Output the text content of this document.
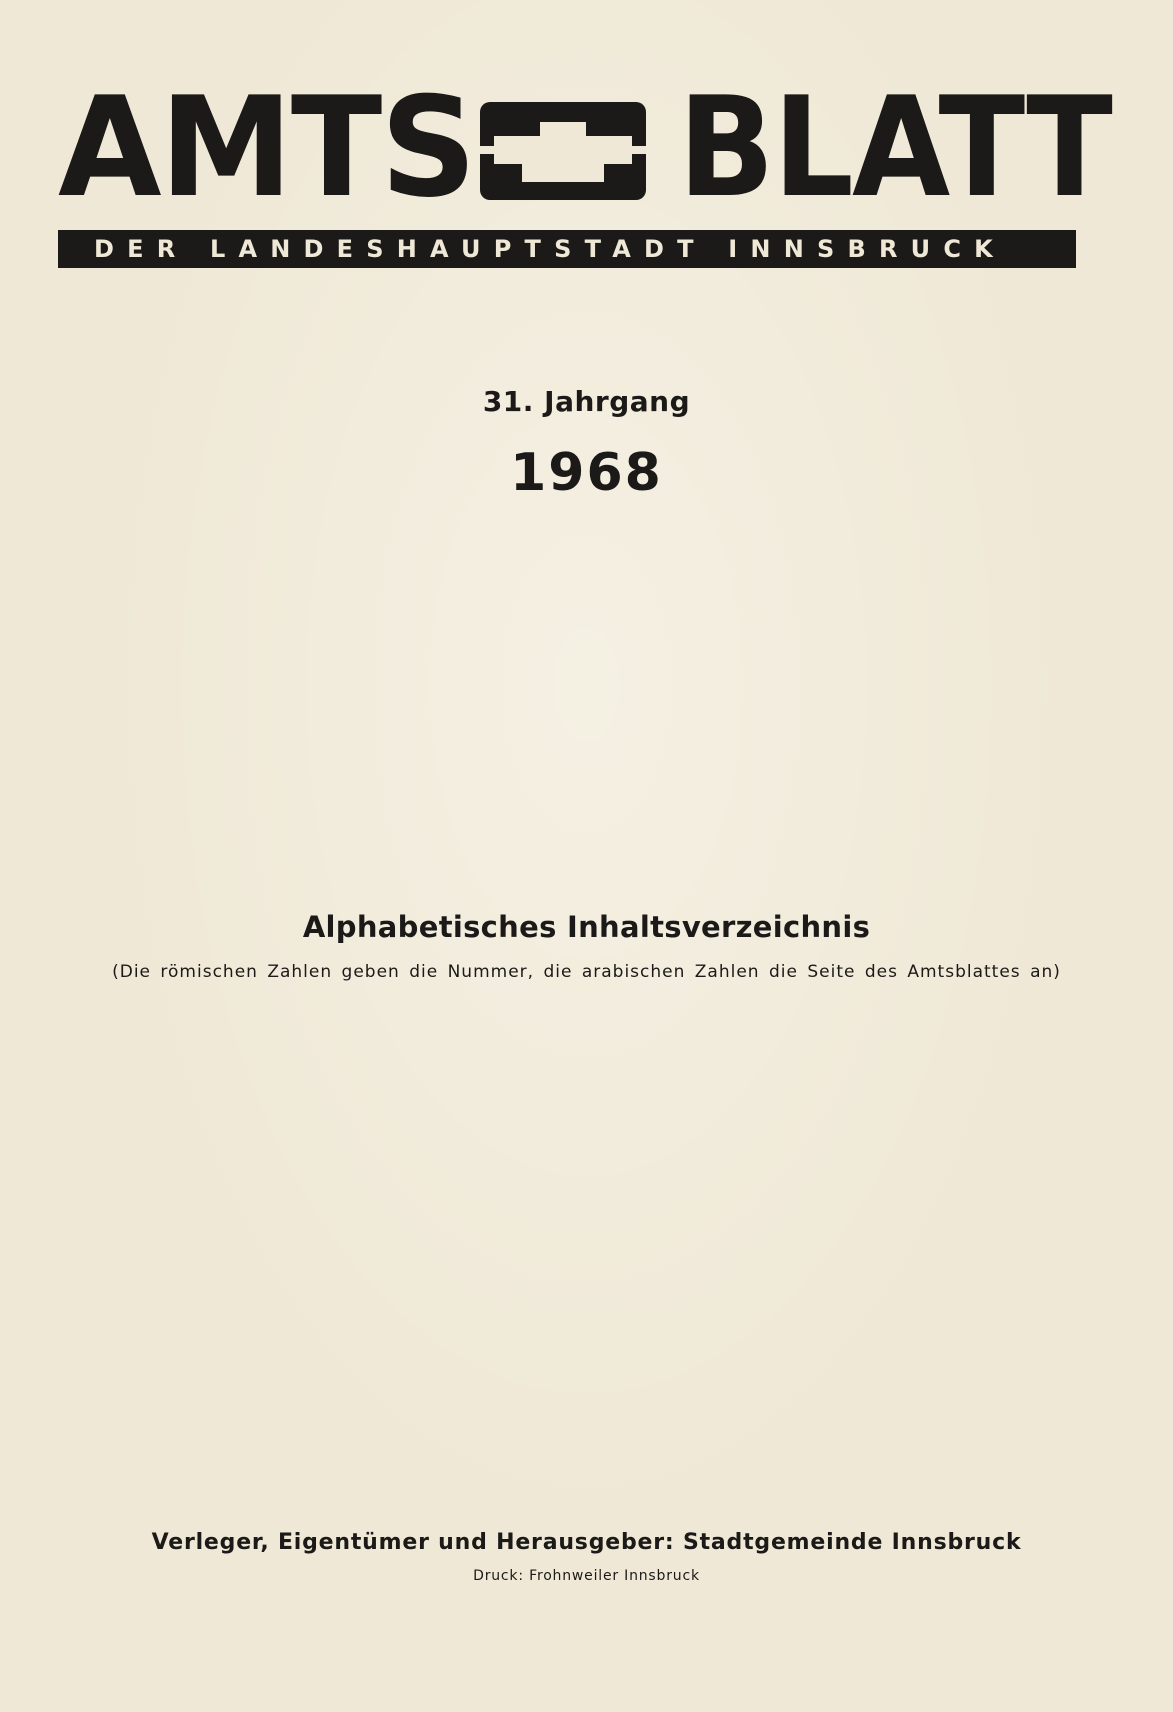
AMTS BLATT
DER LANDESHAUPTSTADT INNSBRUCK
31. Jahrgang
1968
Alphabetisches Inhaltsverzeichnis
(Die römischen Zahlen geben die Nummer, die arabischen Zahlen die Seite des Amtsblattes an)
Verleger, Eigentümer und Herausgeber: Stadtgemeinde Innsbruck
Druck: Frohnweiler Innsbruck
